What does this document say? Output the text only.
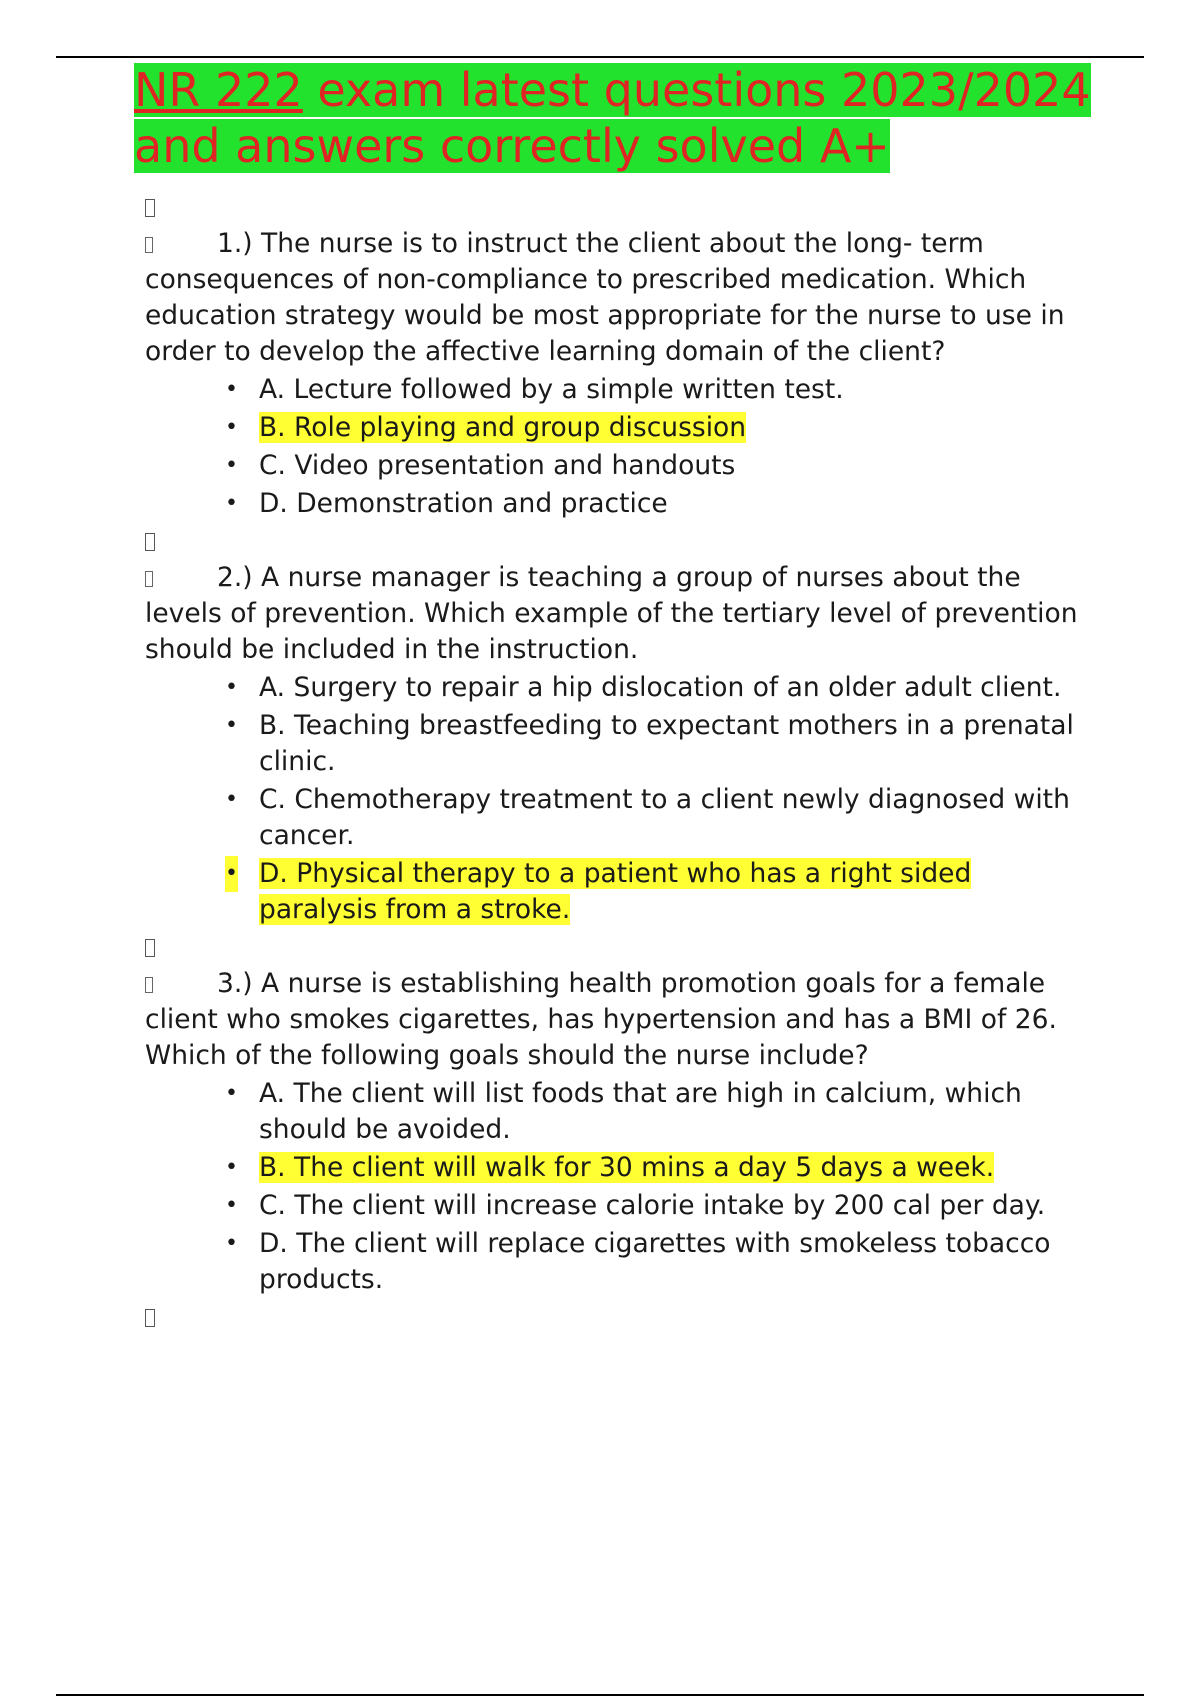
NR 222 exam latest questions 2023/2024 and answers correctly solved A+

1.) The nurse is to instruct the client about the long- term consequences of non-compliance to prescribed medication. Which education strategy would be most appropriate for the nurse to use in order to develop the affective learning domain of the client?

• A. Lecture followed by a simple written test.
• B. Role playing and group discussion
• C. Video presentation and handouts
• D. Demonstration and practice

2.) A nurse manager is teaching a group of nurses about the levels of prevention. Which example of the tertiary level of prevention should be included in the instruction.

• A. Surgery to repair a hip dislocation of an older adult client.
• B. Teaching breastfeeding to expectant mothers in a prenatal clinic.
• C. Chemotherapy treatment to a client newly diagnosed with cancer.
• D. Physical therapy to a patient who has a right sided paralysis from a stroke.

3.) A nurse is establishing health promotion goals for a female client who smokes cigarettes, has hypertension and has a BMI of 26. Which of the following goals should the nurse include?

• A. The client will list foods that are high in calcium, which should be avoided.
• B. The client will walk for 30 mins a day 5 days a week.
• C. The client will increase calorie intake by 200 cal per day.
• D. The client will replace cigarettes with smokeless tobacco products.
